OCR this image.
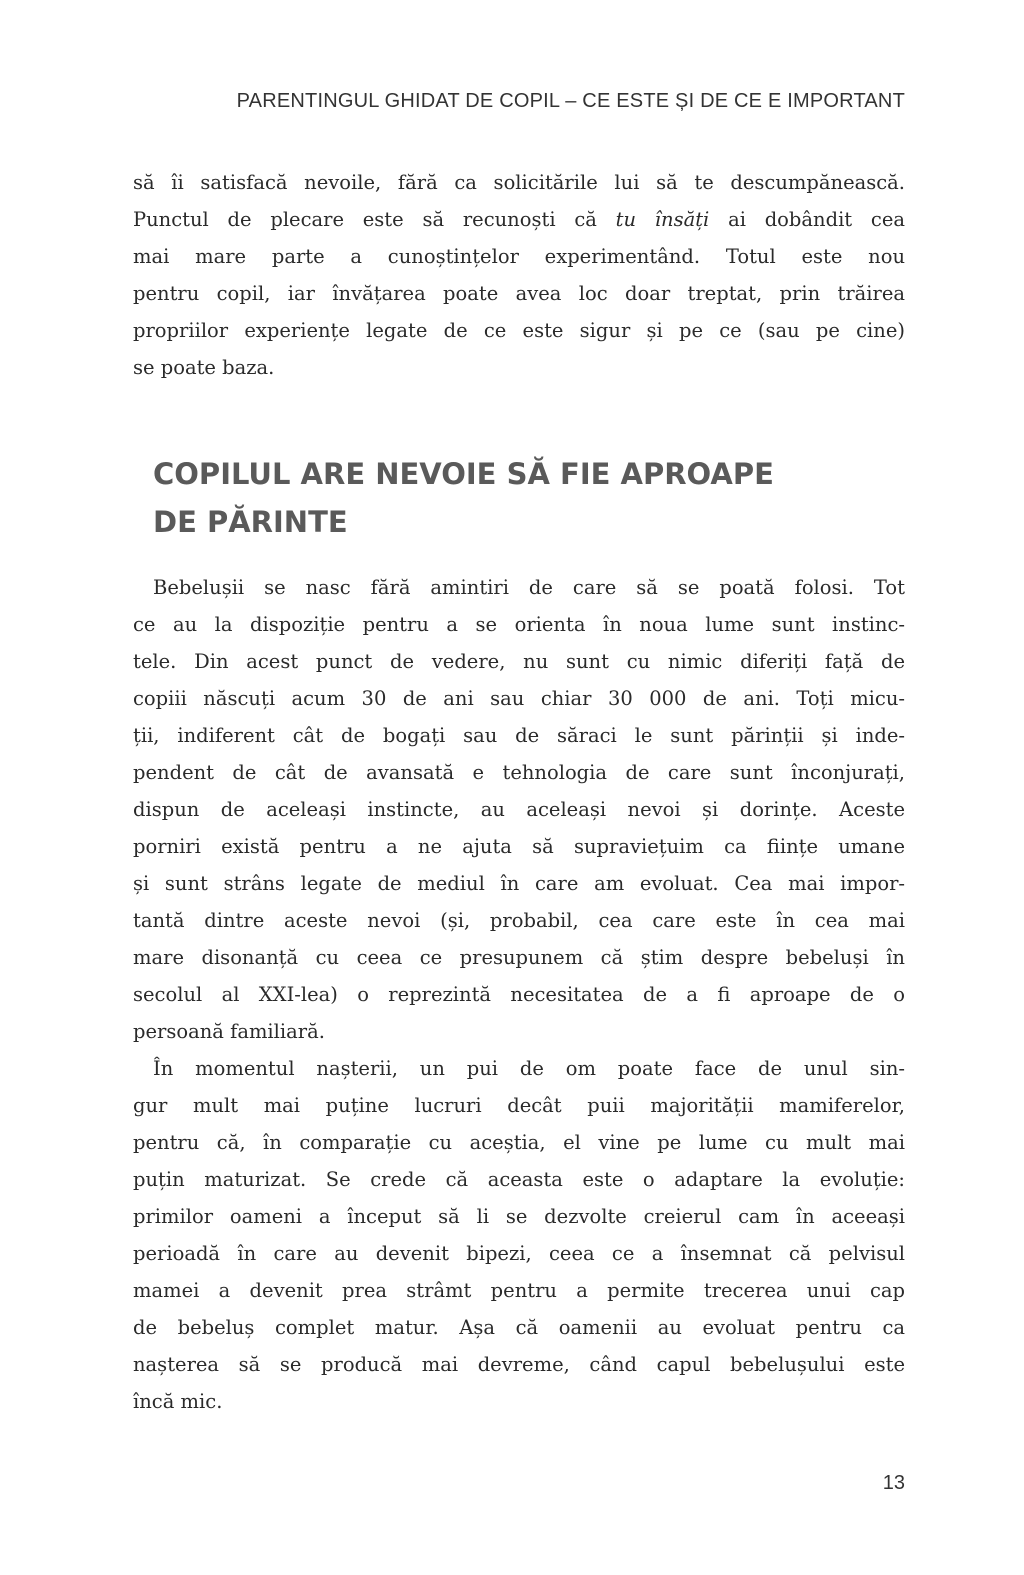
PARENTINGUL GHIDAT DE COPIL – CE ESTE ȘI DE CE E IMPORTANT
să îi satisfacă nevoile, fără ca solicitările lui să te descumpănească.
Punctul de plecare este să recunoști că tu însăți ai dobândit cea
mai mare parte a cunoștințelor experimentând. Totul este nou
pentru copil, iar învățarea poate avea loc doar treptat, prin trăirea
propriilor experiențe legate de ce este sigur și pe ce (sau pe cine)
se poate baza.
COPILUL ARE NEVOIE SĂ FIE APROAPE
DE PĂRINTE
Bebelușii se nasc fără amintiri de care să se poată folosi. Tot
ce au la dispoziție pentru a se orienta în noua lume sunt instinc-
tele. Din acest punct de vedere, nu sunt cu nimic diferiți față de
copiii născuți acum 30 de ani sau chiar 30 000 de ani. Toți micu-
ții, indiferent cât de bogați sau de săraci le sunt părinții și inde-
pendent de cât de avansată e tehnologia de care sunt înconjurați,
dispun de aceleași instincte, au aceleași nevoi și dorințe. Aceste
porniri există pentru a ne ajuta să supraviețuim ca ființe umane
și sunt strâns legate de mediul în care am evoluat. Cea mai impor-
tantă dintre aceste nevoi (și, probabil, cea care este în cea mai
mare disonanță cu ceea ce presupunem că știm despre bebeluși în
secolul al XXI-lea) o reprezintă necesitatea de a fi aproape de o
persoană familiară.
În momentul nașterii, un pui de om poate face de unul sin-
gur mult mai puține lucruri decât puii majorității mamiferelor,
pentru că, în comparație cu aceștia, el vine pe lume cu mult mai
puțin maturizat. Se crede că aceasta este o adaptare la evoluție:
primilor oameni a început să li se dezvolte creierul cam în aceeași
perioadă în care au devenit bipezi, ceea ce a însemnat că pelvisul
mamei a devenit prea strâmt pentru a permite trecerea unui cap
de bebeluș complet matur. Așa că oamenii au evoluat pentru ca
nașterea să se producă mai devreme, când capul bebelușului este
încă mic.
13
